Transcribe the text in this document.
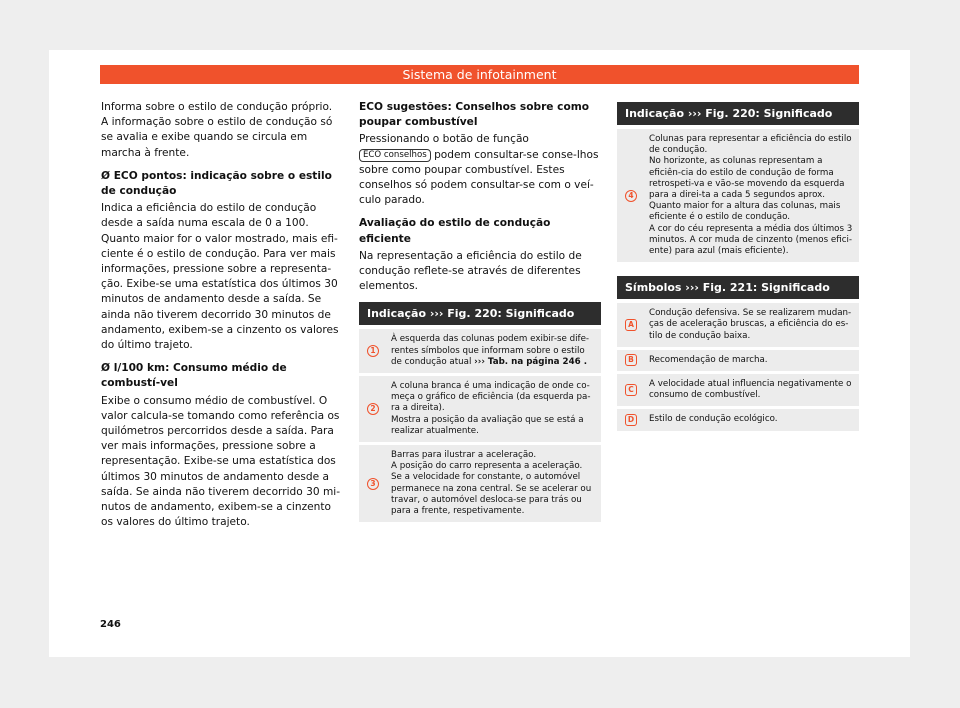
Sistema de infotainment

Informa sobre o estilo de condução próprio. A informação sobre o estilo de condução só se avalia e exibe quando se circula em marcha à frente.

Ø ECO pontos: indicação sobre o estilo de condução

Indica a eficiência do estilo de condução desde a saída numa escala de 0 a 100. Quanto maior for o valor mostrado, mais efi-ciente é o estilo de condução. Para ver mais informações, pressione sobre a representa-ção. Exibe-se uma estatística dos últimos 30 minutos de andamento desde a saída. Se ainda não tiverem decorrido 30 minutos de andamento, exibem-se a cinzento os valores do último trajeto.

Ø l/100 km: Consumo médio de combustí-vel

Exibe o consumo médio de combustível. O valor calcula-se tomando como referência os quilómetros percorridos desde a saída. Para ver mais informações, pressione sobre a representação. Exibe-se uma estatística dos últimos 30 minutos de andamento desde a saída. Se ainda não tiverem decorrido 30 mi-nutos de andamento, exibem-se a cinzento os valores do último trajeto.

ECO sugestões: Conselhos sobre como poupar combustível

Pressionando o botão de função ECO conselhos podem consultar-se conse-lhos sobre como poupar combustível. Estes conselhos só podem consultar-se com o veí-culo parado.

Avaliação do estilo de condução eficiente

Na representação a eficiência do estilo de condução reflete-se através de diferentes elementos.

Indicação ››› Fig. 220: Significado	

1	À esquerda das colunas podem exibir-se dife-rentes símbolos que informam sobre o estilo de condução atual ››› Tab. na página 246 .
2	A coluna branca é uma indicação de onde co-meça o gráfico de eficiência (da esquerda pa-ra a direita).
Mostra a posição da avaliação que se está a realizar atualmente.
3	Barras para ilustrar a aceleração.
A posição do carro representa a aceleração.
Se a velocidade for constante, o automóvel permanece na zona central. Se se acelerar ou travar, o automóvel desloca-se para trás ou para a frente, respetivamente.
Indicação ››› Fig. 220: Significado

4	Colunas para representar a eficiência do estilo de condução.
No horizonte, as colunas representam a eficiên-cia do estilo de condução de forma retrospeti-va e vão-se movendo da esquerda para a direi-ta a cada 5 segundos aprox. Quanto maior for a altura das colunas, mais eficiente é o estilo de condução.
A cor do céu representa a média dos últimos 3 minutos. A cor muda de cinzento (menos efici-ente) para azul (mais eficiente).
Símbolos ››› Fig. 221: Significado	

A	Condução defensiva. Se se realizarem mudan-ças de aceleração bruscas, a eficiência do es-tilo de condução baixa.
B	Recomendação de marcha.
C	A velocidade atual influencia negativamente o consumo de combustível.
D	Estilo de condução ecológico.
246
